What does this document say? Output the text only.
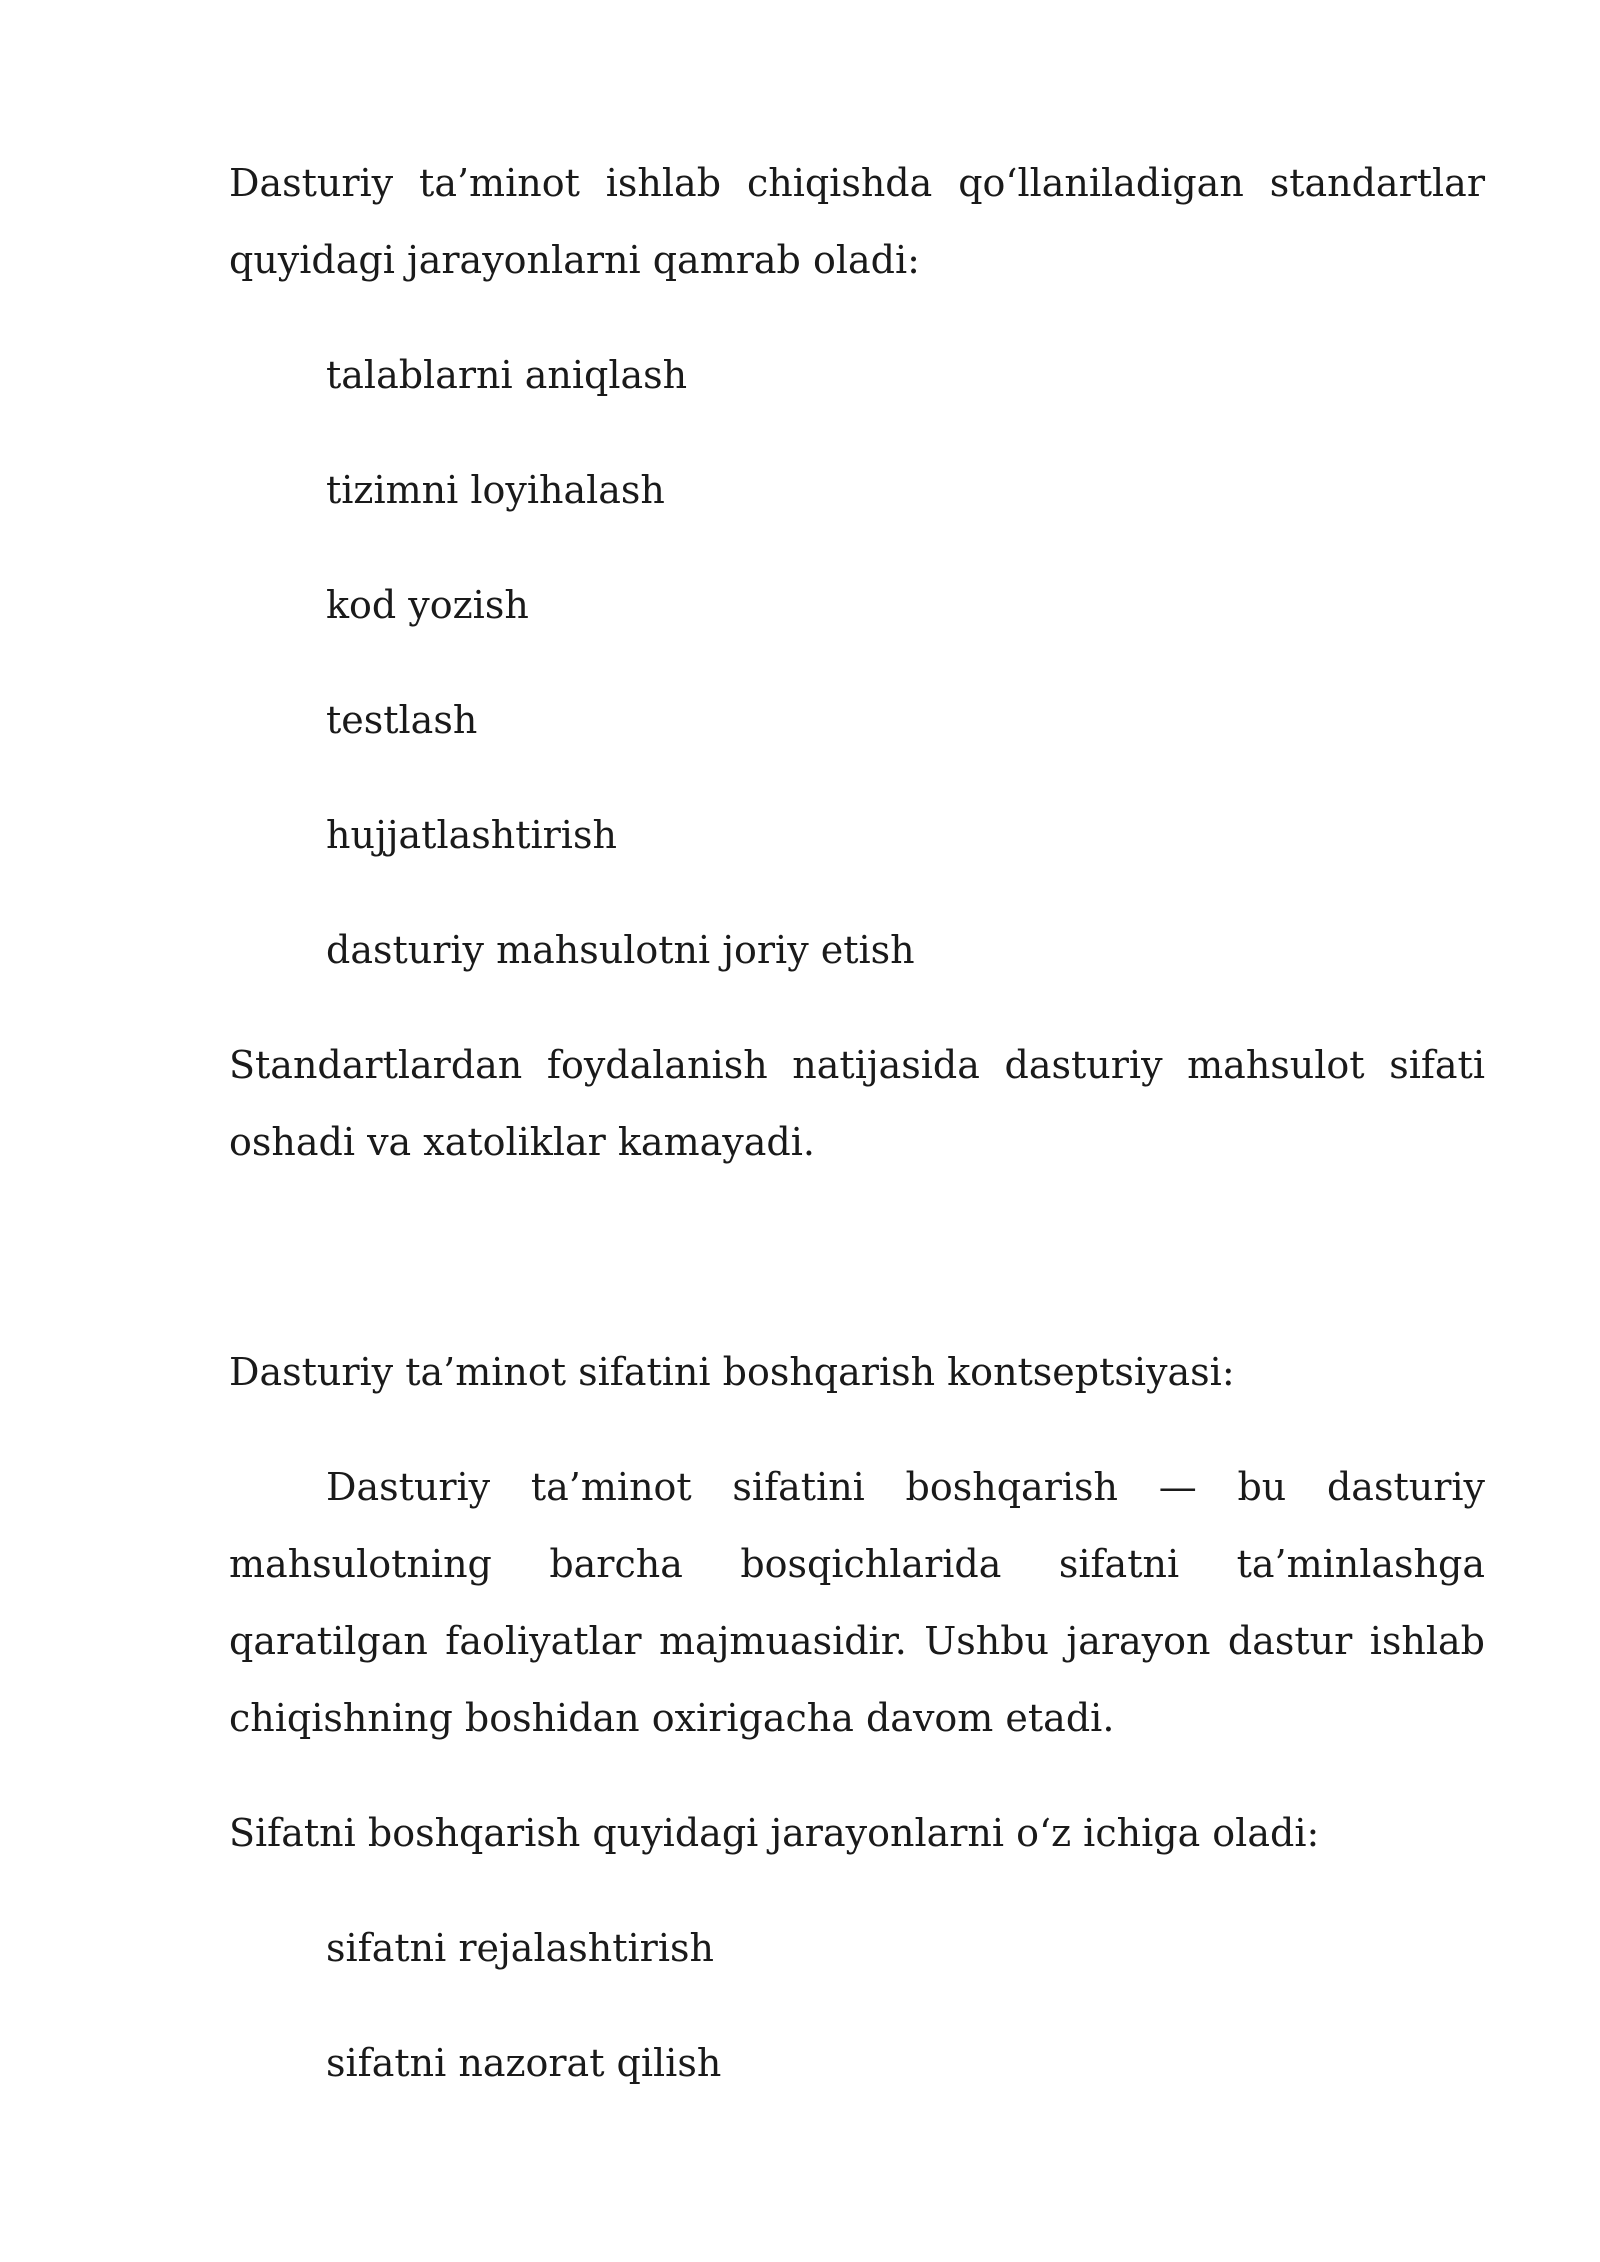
Dasturiy ta’minot ishlab chiqishda qo‘llaniladigan standartlar quyidagi jarayonlarni qamrab oladi:

talablarni aniqlash

tizimni loyihalash

kod yozish

testlash

hujjatlashtirish

dasturiy mahsulotni joriy etish

Standartlardan foydalanish natijasida dasturiy mahsulot sifati oshadi va xatoliklar kamayadi.

Dasturiy ta’minot sifatini boshqarish kontseptsiyasi:

Dasturiy ta’minot sifatini boshqarish — bu dasturiy mahsulotning barcha bosqichlarida sifatni ta’minlashga qaratilgan faoliyatlar majmuasidir. Ushbu jarayon dastur ishlab chiqishning boshidan oxirigacha davom etadi.

Sifatni boshqarish quyidagi jarayonlarni o‘z ichiga oladi:

sifatni rejalashtirish

sifatni nazorat qilish
